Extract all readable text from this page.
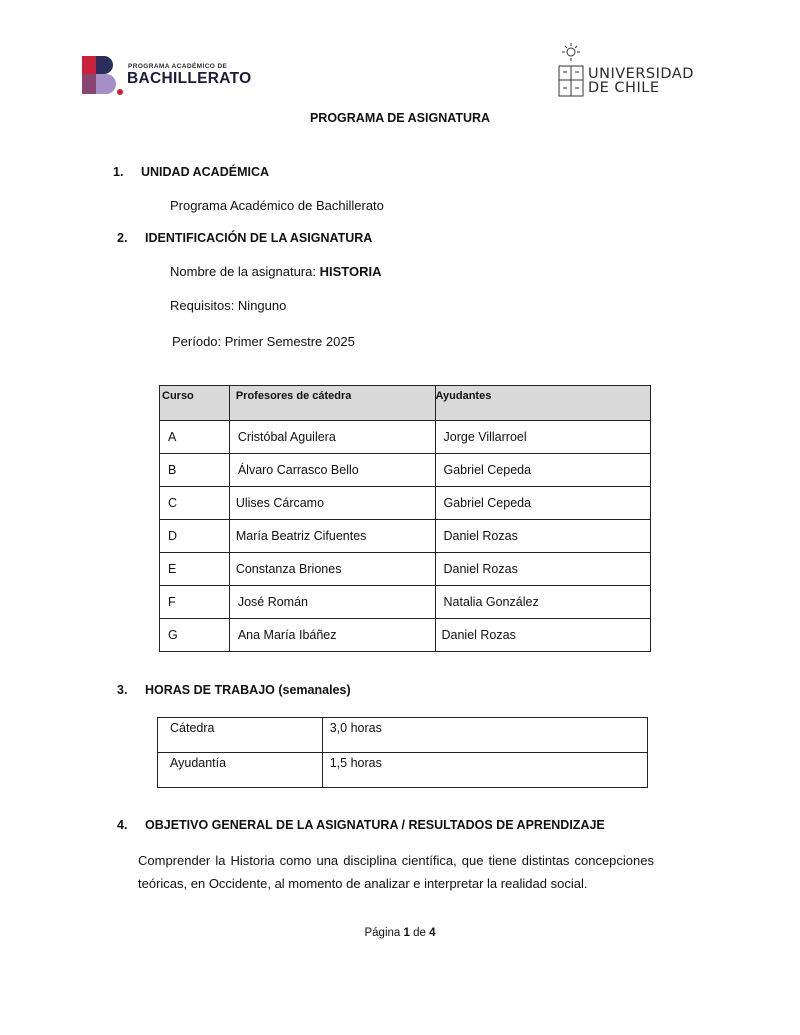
PROGRAMA ACADÉMICO DE
BACHILLERATO	UNIVERSIDAD
DE CHILE
PROGRAMA DE ASIGNATURA
1. UNIDAD ACADÉMICA
Programa Académico de Bachillerato
2. IDENTIFICACIÓN DE LA ASIGNATURA
Nombre de la asignatura: HISTORIA
Requisitos: Ninguno
Período: Primer Semestre 2025
Curso	Profesores de cátedra	Ayudantes
A	Cristóbal Aguilera	Jorge Villarroel
B	Álvaro Carrasco Bello	Gabriel Cepeda
C	Ulises Cárcamo	Gabriel Cepeda
D	María Beatriz Cifuentes	Daniel Rozas
E	Constanza Briones	Daniel Rozas
F	José Román	Natalia González
G	Ana María Ibáñez	Daniel Rozas
3. HORAS DE TRABAJO (semanales)
Cátedra	3,0 horas
Ayudantía	1,5 horas
4. OBJETIVO GENERAL DE LA ASIGNATURA / RESULTADOS DE APRENDIZAJE
Comprender la Historia como una disciplina científica, que tiene distintas concepciones teóricas, en Occidente, al momento de analizar e interpretar la realidad social.
Página 1 de 4
